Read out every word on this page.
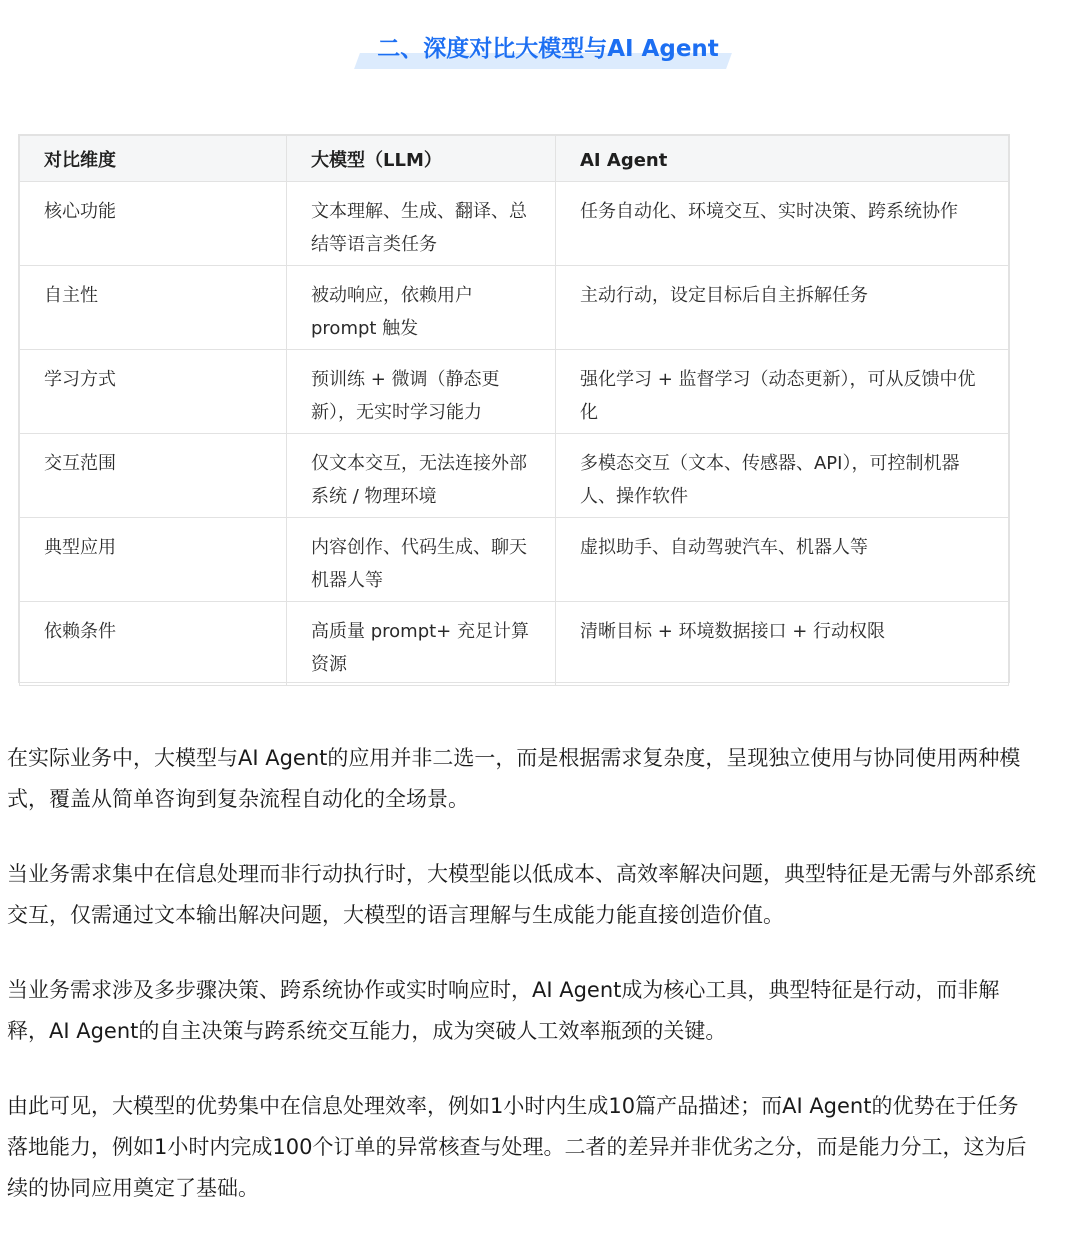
二、深度对比大模型与AI Agent
对比维度	大模型（LLM）	AI Agent
核心功能	文本理解、生成、翻译、总结等语言类任务	任务自动化、环境交互、实时决策、跨系统协作
自主性	被动响应，依赖用户 prompt 触发	主动行动，设定目标后自主拆解任务
学习方式	预训练 + 微调（静态更新），无实时学习能力	强化学习 + 监督学习（动态更新），可从反馈中优化
交互范围	仅文本交互，无法连接外部系统 / 物理环境	多模态交互（文本、传感器、API），可控制机器人、操作软件
典型应用	内容创作、代码生成、聊天机器人等	虚拟助手、自动驾驶汽车、机器人等
依赖条件	高质量 prompt+ 充足计算资源	清晰目标 + 环境数据接口 + 行动权限

在实际业务中，大模型与AI Agent的应用并非二选一，而是根据需求复杂度，呈现独立使用与协同使用两种模式，覆盖从简单咨询到复杂流程自动化的全场景。

当业务需求集中在信息处理而非行动执行时，大模型能以低成本、高效率解决问题，典型特征是无需与外部系统交互，仅需通过文本输出解决问题，大模型的语言理解与生成能力能直接创造价值。

当业务需求涉及多步骤决策、跨系统协作或实时响应时，AI Agent成为核心工具，典型特征是行动，而非解释，AI Agent的自主决策与跨系统交互能力，成为突破人工效率瓶颈的关键。

由此可见，大模型的优势集中在信息处理效率，例如1小时内生成10篇产品描述；而AI Agent的优势在于任务落地能力，例如1小时内完成100个订单的异常核查与处理。二者的差异并非优劣之分，而是能力分工，这为后续的协同应用奠定了基础。
